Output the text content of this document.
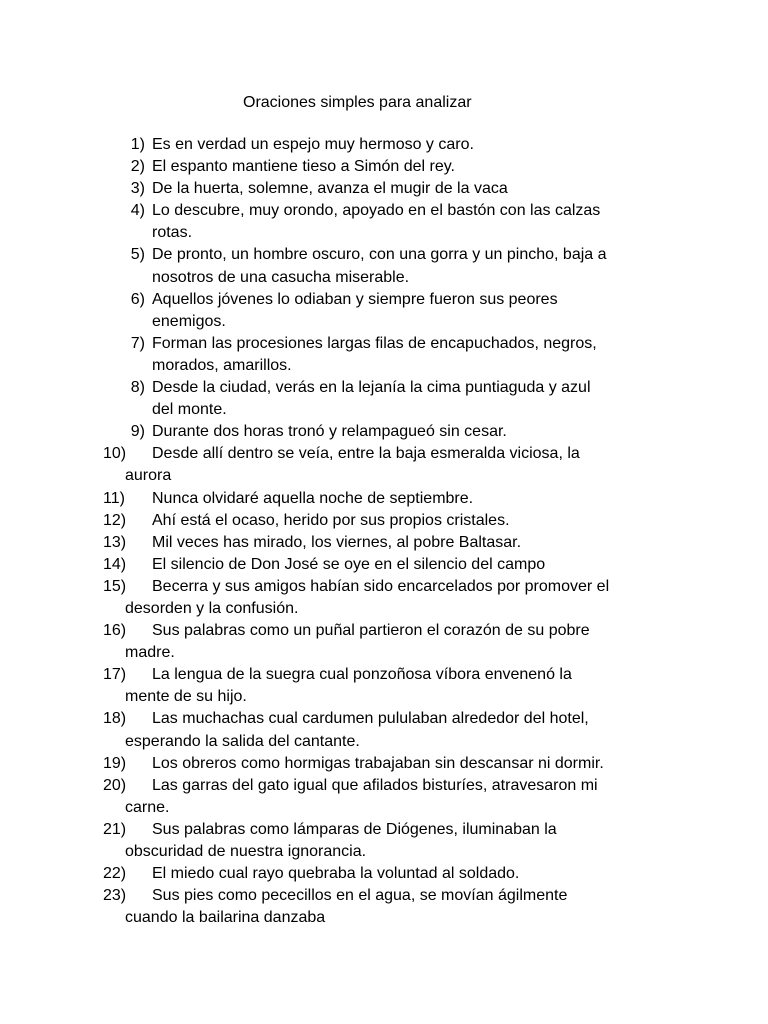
Oraciones simples para analizar
1) Es en verdad un espejo muy hermoso y caro.
2) El espanto mantiene tieso a Simón del rey.
3) De la huerta, solemne, avanza el mugir de la vaca
4) Lo descubre, muy orondo, apoyado en el bastón con las calzas
rotas.
5) De pronto, un hombre oscuro, con una gorra y un pincho, baja a
nosotros de una casucha miserable.
6) Aquellos jóvenes lo odiaban y siempre fueron sus peores
enemigos.
7) Forman las procesiones largas filas de encapuchados, negros,
morados, amarillos.
8) Desde la ciudad, verás en la lejanía la cima puntiaguda y azul
del monte.
9) Durante dos horas tronó y relampagueó sin cesar.
10)	Desde allí dentro se veía, entre la baja esmeralda viciosa, la
aurora
11)	Nunca olvidaré aquella noche de septiembre.
12)	Ahí está el ocaso, herido por sus propios cristales.
13)	Mil veces has mirado, los viernes, al pobre Baltasar.
14)	El silencio de Don José se oye en el silencio del campo
15)	Becerra y sus amigos habían sido encarcelados por promover el
desorden y la confusión.
16)	Sus palabras como un puñal partieron el corazón de su pobre
madre.
17)	La lengua de la suegra cual ponzoñosa víbora envenenó la
mente de su hijo.
18)	Las muchachas cual cardumen pululaban alrededor del hotel,
esperando la salida del cantante.
19)	Los obreros como hormigas trabajaban sin descansar ni dormir.
20)	Las garras del gato igual que afilados bisturíes, atravesaron mi
carne.
21)	Sus palabras como lámparas de Diógenes, iluminaban la
obscuridad de nuestra ignorancia.
22)	El miedo cual rayo quebraba la voluntad al soldado.
23)	Sus pies como pececillos en el agua, se movían ágilmente
cuando la bailarina danzaba
